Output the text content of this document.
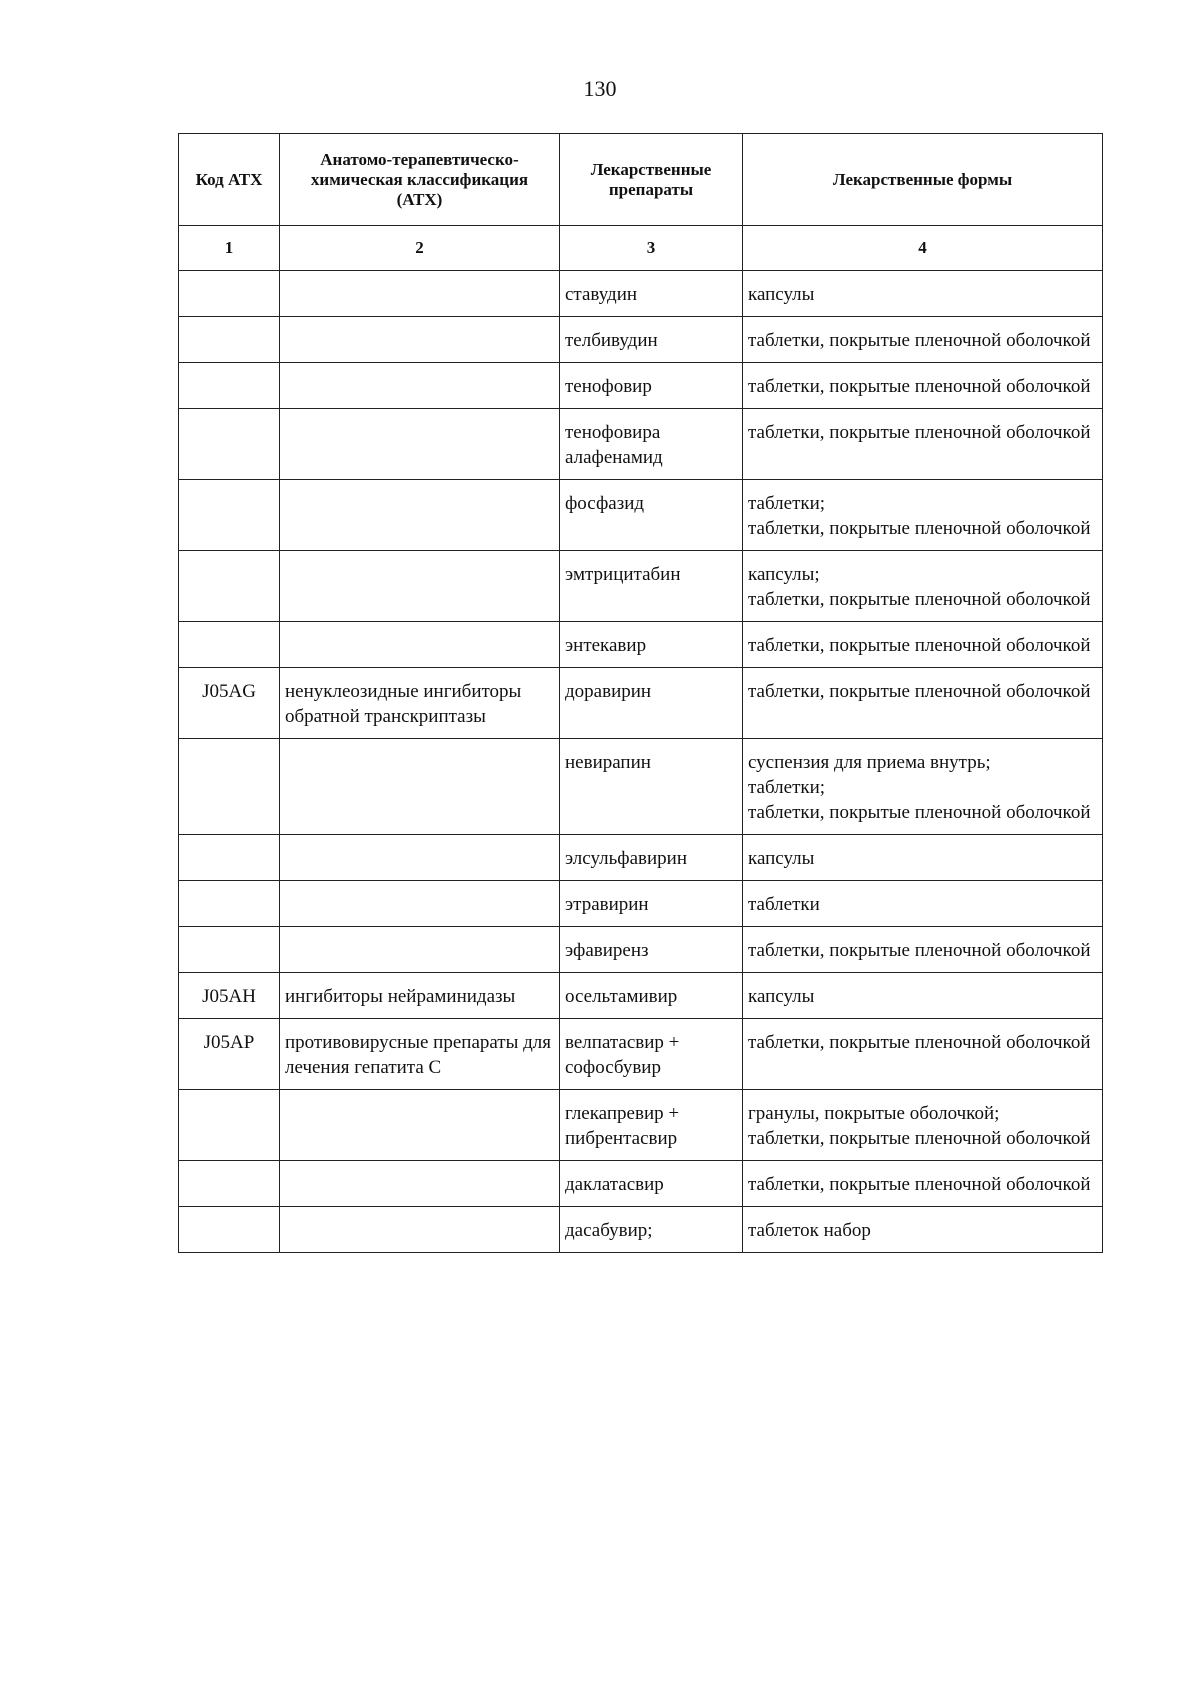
130
Код АТХ	Анатомо-терапевтическо-химическая классификация (АТХ)	Лекарственные препараты	Лекарственные формы
1	2	3	4
		ставудин	капсулы

		телбивудин	таблетки, покрытые пленочной оболочкой

		тенофовир	таблетки, покрытые пленочной оболочкой

		тенофовира алафенамид	таблетки, покрытые пленочной оболочкой

		фосфазид	таблетки;
таблетки, покрытые пленочной оболочкой

		эмтрицитабин	капсулы;
таблетки, покрытые пленочной оболочкой

		энтекавир	таблетки, покрытые пленочной оболочкой

J05AG	ненуклеозидные ингибиторы обратной транскриптазы	доравирин	таблетки, покрытые пленочной оболочкой

		невирапин	суспензия для приема внутрь;
таблетки;
таблетки, покрытые пленочной оболочкой

		элсульфавирин	капсулы

		этравирин	таблетки

		эфавиренз	таблетки, покрытые пленочной оболочкой

J05AH	ингибиторы нейраминидазы	осельтамивир	капсулы

J05AP	противовирусные препараты для лечения гепатита С	велпатасвир + софосбувир	таблетки, покрытые пленочной оболочкой

		глекапревир + пибрентасвир	гранулы, покрытые оболочкой;
таблетки, покрытые пленочной оболочкой

		даклатасвир	таблетки, покрытые пленочной оболочкой

		дасабувир;	таблеток набор
